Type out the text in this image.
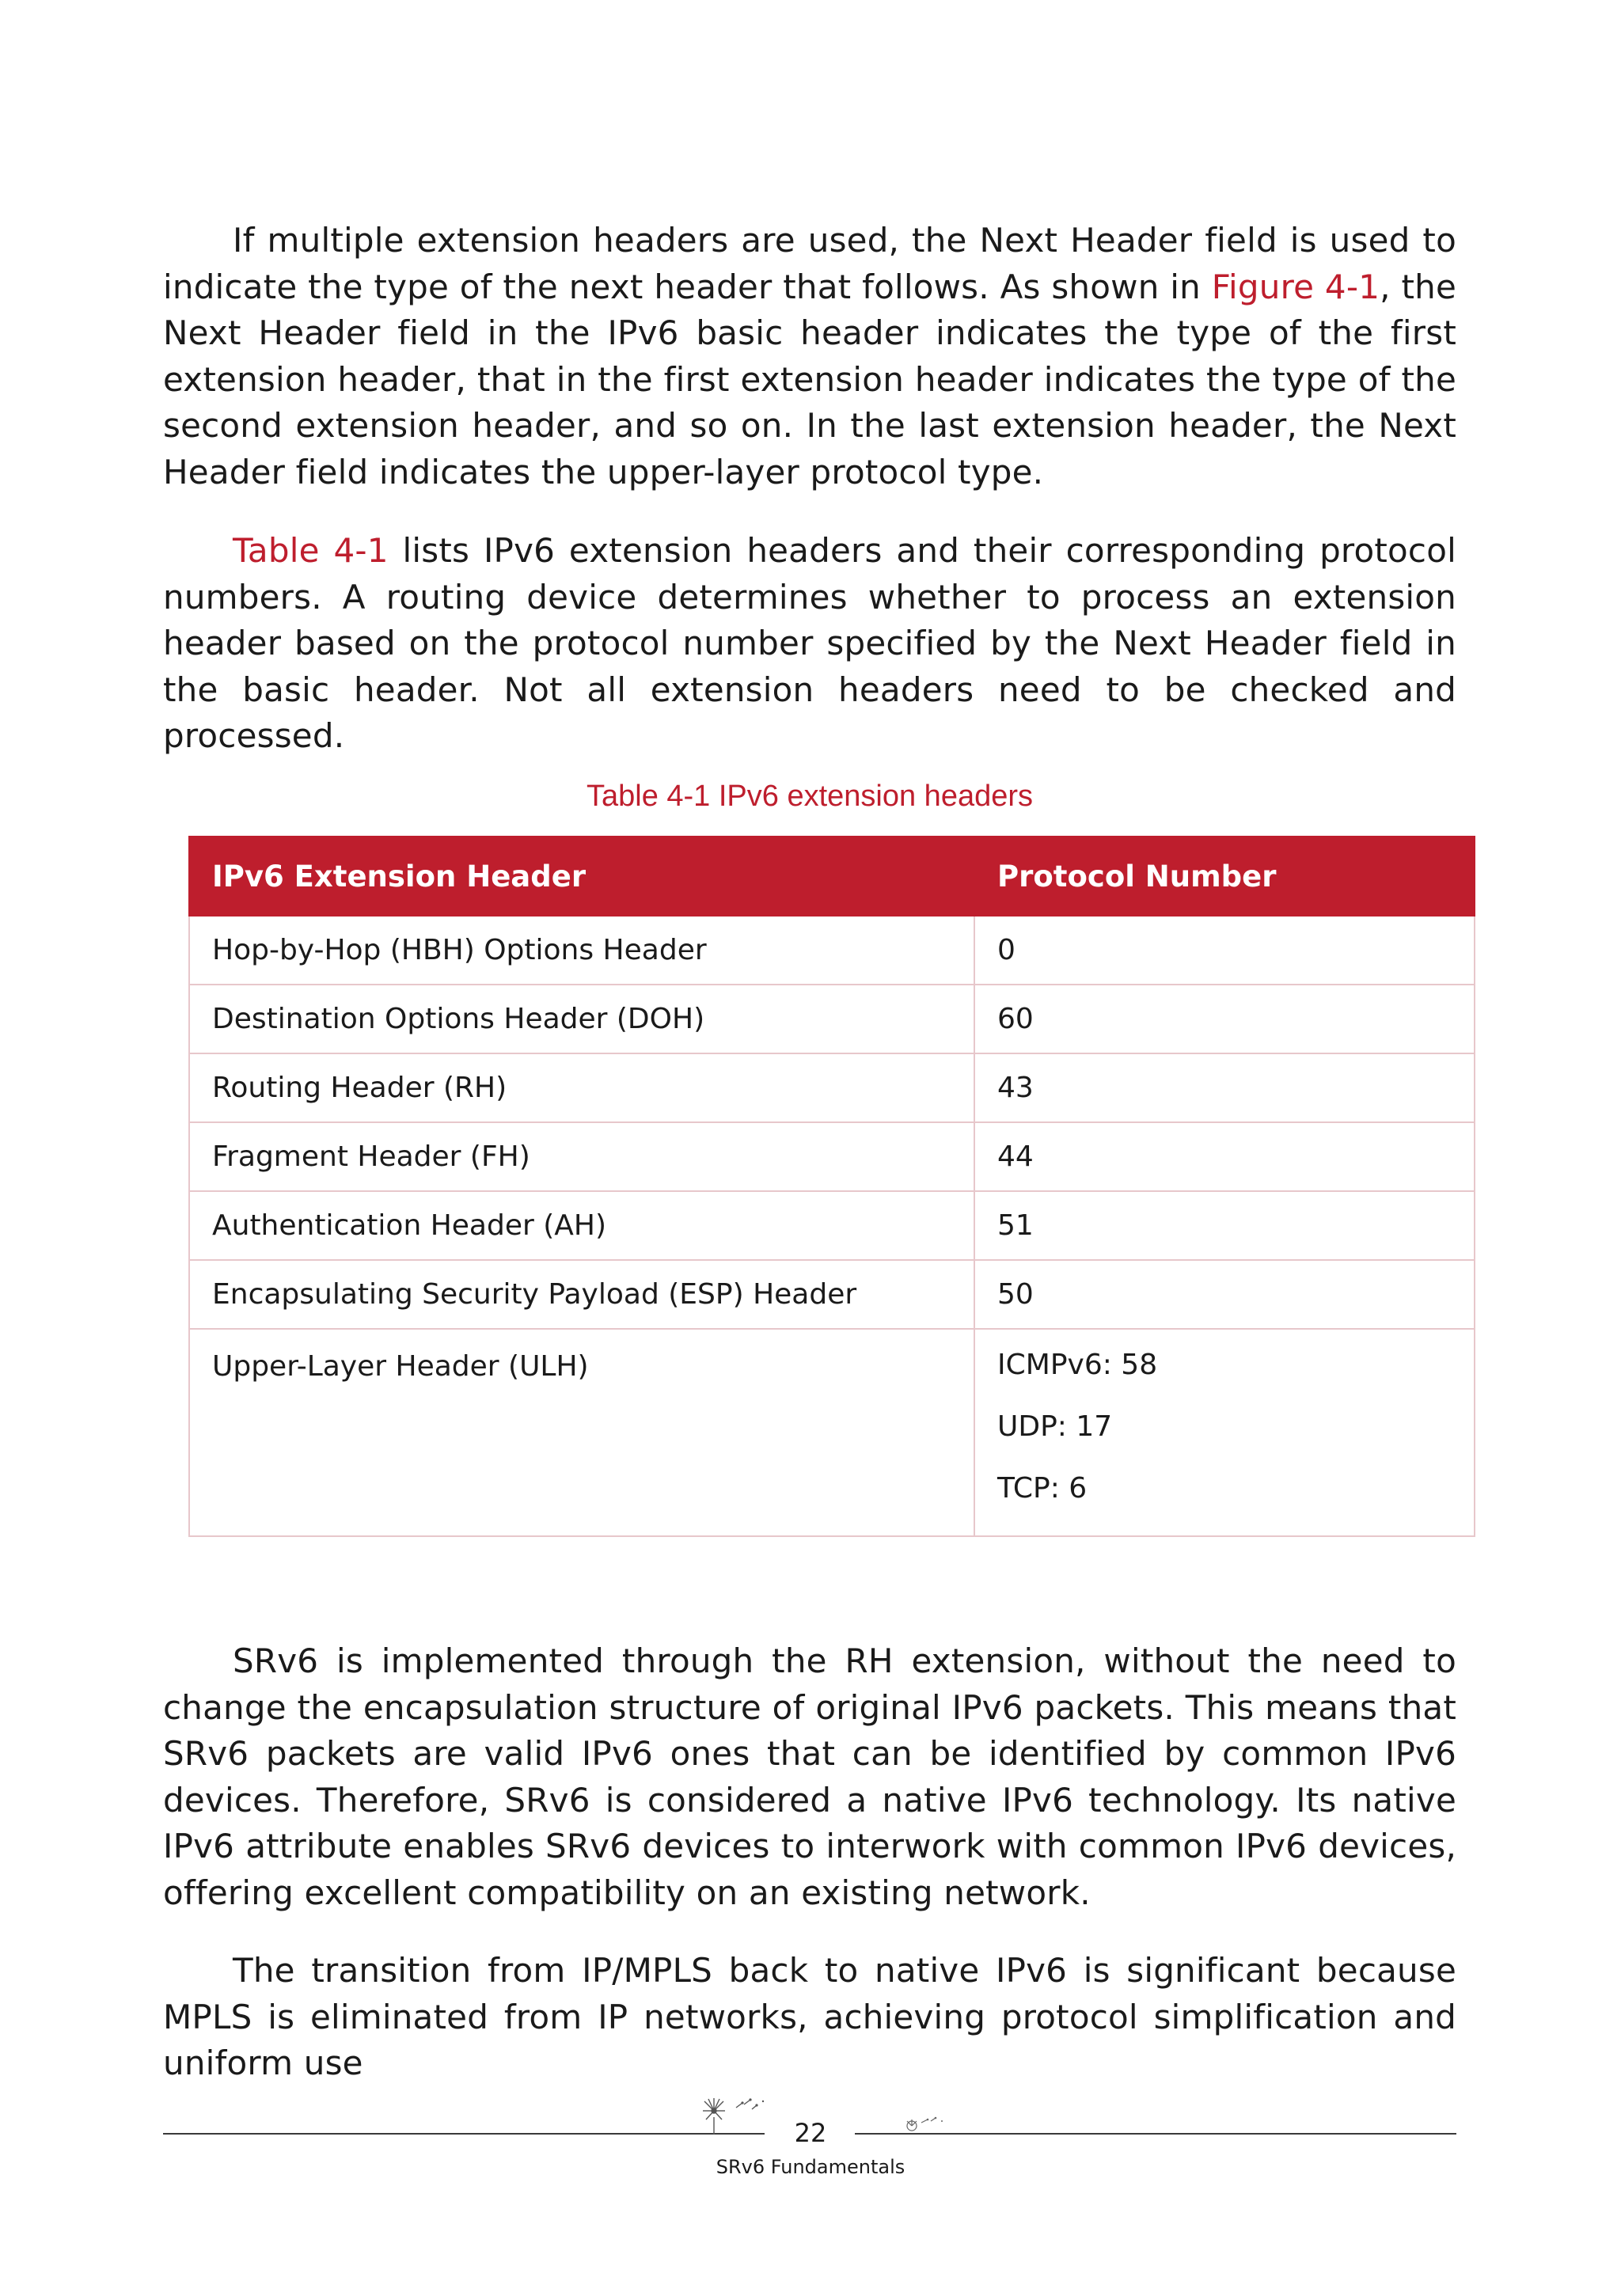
If multiple extension headers are used, the Next Header field is used to indicate the type of the next header that follows. As shown in Figure 4-1, the Next Header field in the IPv6 basic header indicates the type of the first extension header, that in the first extension header indicates the type of the second extension header, and so on. In the last extension header, the Next Header field indicates the upper-layer protocol type.

Table 4-1 lists IPv6 extension headers and their corresponding protocol numbers. A routing device determines whether to process an extension header based on the protocol number specified by the Next Header field in the basic header. Not all extension headers need to be checked and processed.

Table 4-1 IPv6 extension headers
IPv6 Extension Header	Protocol Number
Hop-by-Hop (HBH) Options Header	0
Destination Options Header (DOH)	60
Routing Header (RH)	43
Fragment Header (FH)	44
Authentication Header (AH)	51
Encapsulating Security Payload (ESP) Header	50
Upper-Layer Header (ULH)	ICMPv6: 58
UDP: 17
TCP: 6

SRv6 is implemented through the RH extension, without the need to change the encapsulation structure of original IPv6 packets. This means that SRv6 packets are valid IPv6 ones that can be identified by common IPv6 devices. Therefore, SRv6 is considered a native IPv6 technology. Its native IPv6 attribute enables SRv6 devices to interwork with common IPv6 devices, offering excellent compatibility on an existing network.

The transition from IP/MPLS back to native IPv6 is significant because MPLS is eliminated from IP networks, achieving protocol simplification and uniform use

22
SRv6 Fundamentals
